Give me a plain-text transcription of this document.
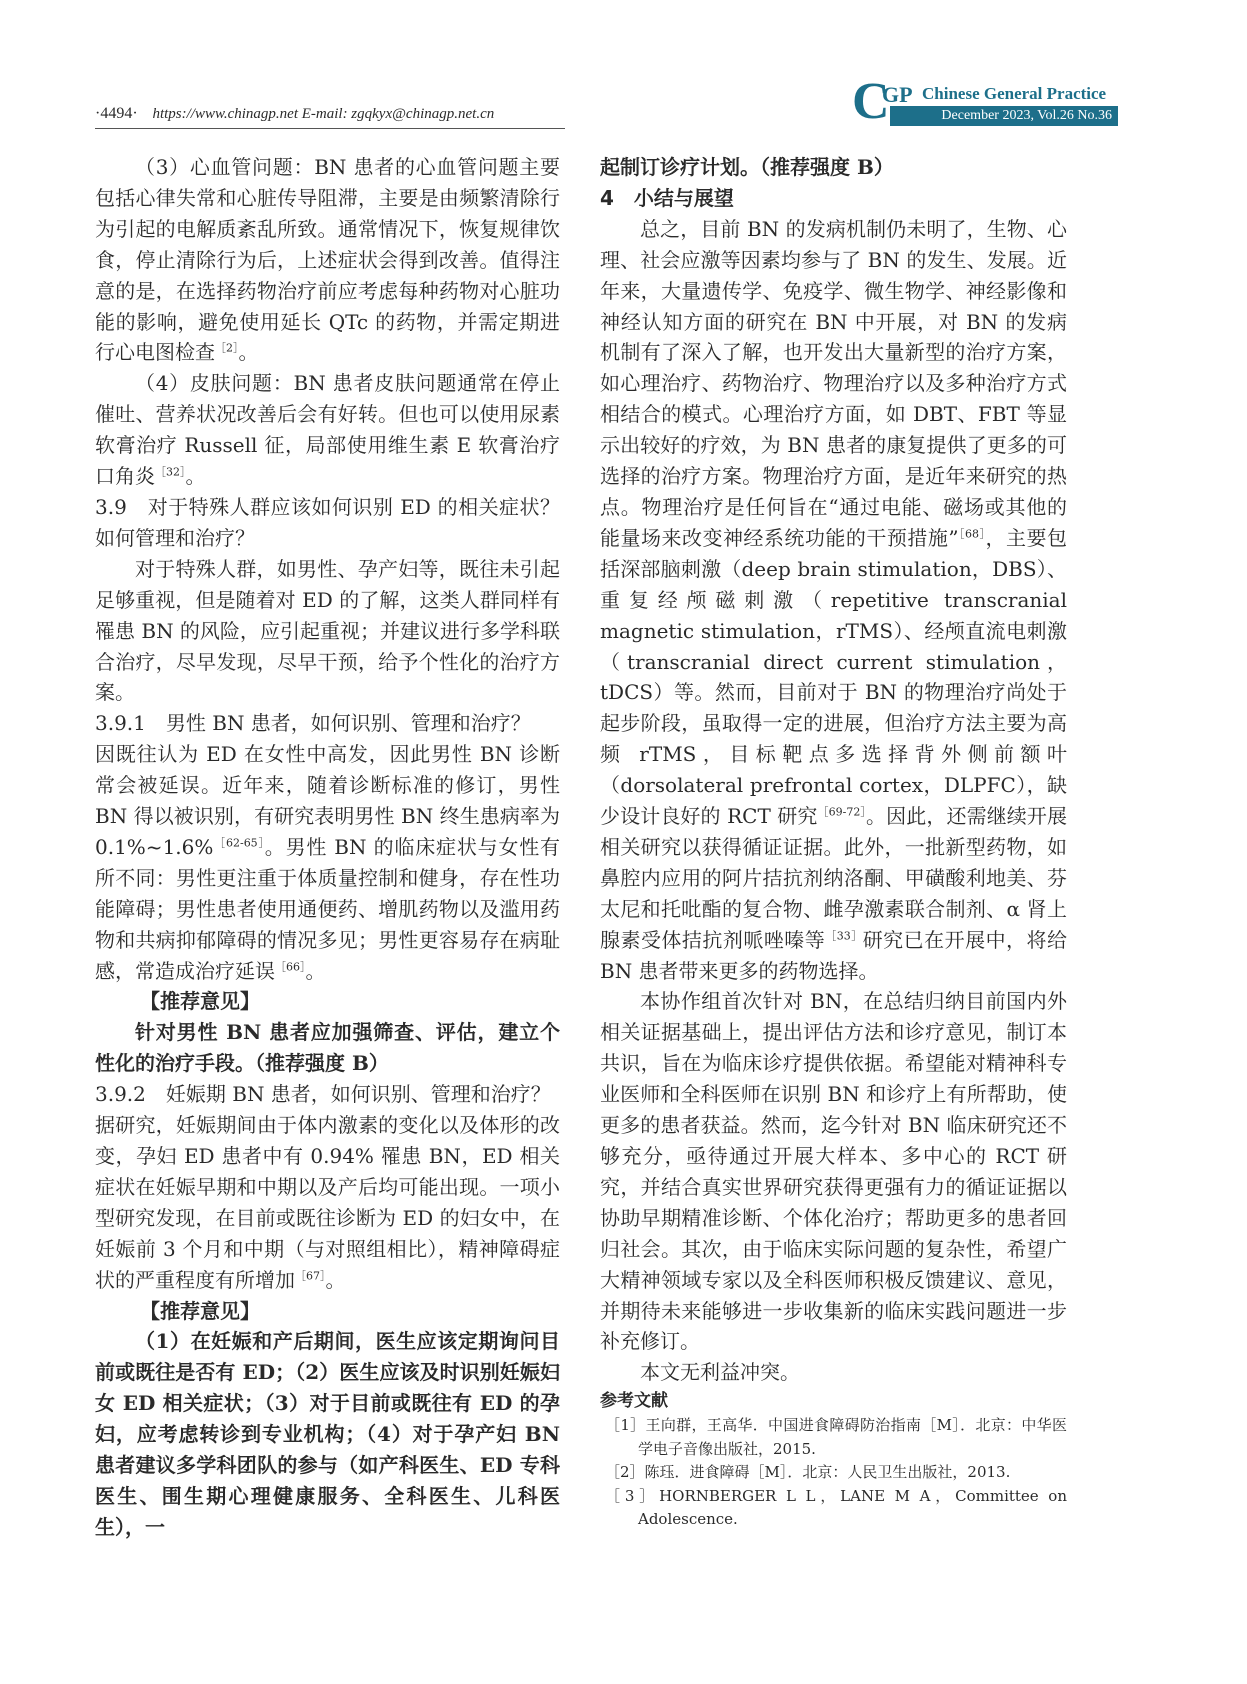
·4494· https://www.chinagp.net E-mail: zgqkyx@chinagp.net.cn	December 2023, Vol.26 No.36
C
GP Chinese General Practice

（3）心血管问题：BN 患者的心血管问题主要包括心律失常和心脏传导阻滞，主要是由频繁清除行为引起的电解质紊乱所致。通常情况下，恢复规律饮食，停止清除行为后，上述症状会得到改善。值得注意的是，在选择药物治疗前应考虑每种药物对心脏功能的影响，避免使用延长 QTc 的药物，并需定期进行心电图检查$^{[2]}$。

（4）皮肤问题：BN 患者皮肤问题通常在停止催吐、营养状况改善后会有好转。但也可以使用尿素软膏治疗 Russell 征，局部使用维生素 E 软膏治疗口角炎$^{[32]}$。

3.9　对于特殊人群应该如何识别 ED 的相关症状？如何管理和治疗？

对于特殊人群，如男性、孕产妇等，既往未引起足够重视，但是随着对 ED 的了解，这类人群同样有罹患 BN 的风险，应引起重视；并建议进行多学科联合治疗，尽早发现，尽早干预，给予个性化的治疗方案。

3.9.1　男性 BN 患者，如何识别、管理和治疗？

因既往认为 ED 在女性中高发，因此男性 BN 诊断常会被延误。近年来，随着诊断标准的修订，男性 BN 得以被识别，有研究表明男性 BN 终生患病率为 0.1%~1.6%$^{[62-65]}$。男性 BN 的临床症状与女性有所不同：男性更注重于体质量控制和健身，存在性功能障碍；男性患者使用通便药、增肌药物以及滥用药物和共病抑郁障碍的情况多见；男性更容易存在病耻感，常造成治疗延误$^{[66]}$。

【推荐意见】

针对男性 BN 患者应加强筛查、评估，建立个性化的治疗手段。（推荐强度 B）

3.9.2　妊娠期 BN 患者，如何识别、管理和治疗？

据研究，妊娠期间由于体内激素的变化以及体形的改变，孕妇 ED 患者中有 0.94% 罹患 BN，ED 相关症状在妊娠早期和中期以及产后均可能出现。一项小型研究发现，在目前或既往诊断为 ED 的妇女中，在妊娠前 3 个月和中期（与对照组相比），精神障碍症状的严重程度有所增加$^{[67]}$。

【推荐意见】

（1）在妊娠和产后期间，医生应该定期询问目前或既往是否有 ED；（2）医生应该及时识别妊娠妇女 ED 相关症状；（3）对于目前或既往有 ED 的孕妇，应考虑转诊到专业机构；（4）对于孕产妇 BN 患者建议多学科团队的参与（如产科医生、ED 专科医生、围生期心理健康服务、全科医生、儿科医生），一

起制订诊疗计划。（推荐强度 B）

4　小结与展望

总之，目前 BN 的发病机制仍未明了，生物、心理、社会应激等因素均参与了 BN 的发生、发展。近年来，大量遗传学、免疫学、微生物学、神经影像和神经认知方面的研究在 BN 中开展，对 BN 的发病机制有了深入了解，也开发出大量新型的治疗方案，如心理治疗、药物治疗、物理治疗以及多种治疗方式相结合的模式。心理治疗方面，如 DBT、FBT 等显示出较好的疗效，为 BN 患者的康复提供了更多的可选择的治疗方案。物理治疗方面，是近年来研究的热点。物理治疗是任何旨在“通过电能、磁场或其他的能量场来改变神经系统功能的干预措施”$^{[68]}$，主要包括深部脑刺激（deep brain stimulation，DBS）、重复经颅磁刺激（repetitive transcranial magnetic stimulation，rTMS）、经颅直流电刺激（transcranial direct current stimulation，tDCS）等。然而，目前对于 BN 的物理治疗尚处于起步阶段，虽取得一定的进展，但治疗方法主要为高频 rTMS，目标靶点多选择背外侧前额叶（dorsolateral prefrontal cortex，DLPFC），缺少设计良好的 RCT 研究$^{[69-72]}$。因此，还需继续开展相关研究以获得循证证据。此外，一批新型药物，如鼻腔内应用的阿片拮抗剂纳洛酮、甲磺酸利地美、芬太尼和托吡酯的复合物、雌孕激素联合制剂、α 肾上腺素受体拮抗剂哌唑嗪等$^{[33]}$研究已在开展中，将给 BN 患者带来更多的药物选择。

本协作组首次针对 BN，在总结归纳目前国内外相关证据基础上，提出评估方法和诊疗意见，制订本共识，旨在为临床诊疗提供依据。希望能对精神科专业医师和全科医师在识别 BN 和诊疗上有所帮助，使更多的患者获益。然而，迄今针对 BN 临床研究还不够充分，亟待通过开展大样本、多中心的 RCT 研究，并结合真实世界研究获得更强有力的循证证据以协助早期精准诊断、个体化治疗；帮助更多的患者回归社会。其次，由于临床实际问题的复杂性，希望广大精神领域专家以及全科医师积极反馈建议、意见，并期待未来能够进一步收集新的临床实践问题进一步补充修订。

本文无利益冲突。

参考文献

［1］王向群，王高华．中国进食障碍防治指南［M］．北京：中华医学电子音像出版社，2015.

［2］陈珏．进食障碍［M］．北京：人民卫生出版社，2013.

［3］HORNBERGER L L，LANE M A，Committee on Adolescence.
